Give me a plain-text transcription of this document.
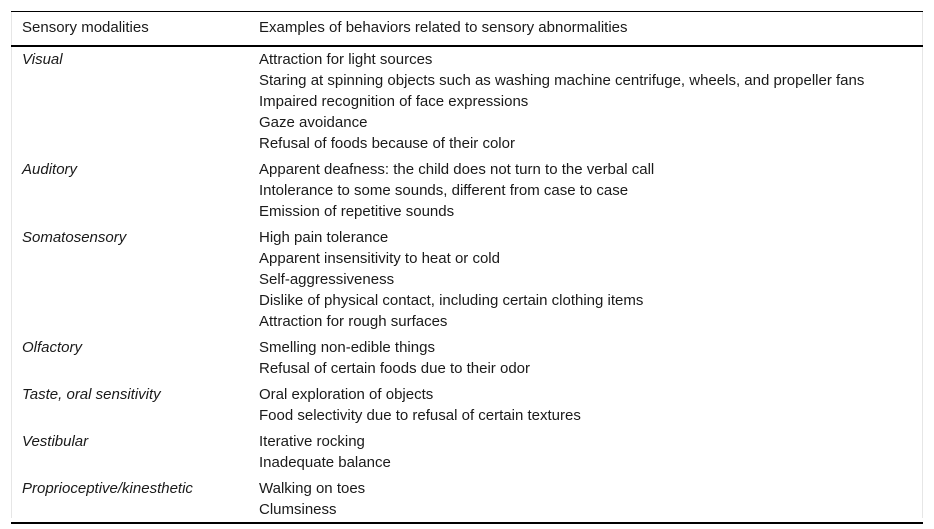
Sensory modalities	Examples of behaviors related to sensory abnormalities
Visual	Attraction for light sources
Staring at spinning objects such as washing machine centrifuge, wheels, and propeller fans
Impaired recognition of face expressions
Gaze avoidance
Refusal of foods because of their color

Auditory	Apparent deafness: the child does not turn to the verbal call
Intolerance to some sounds, different from case to case
Emission of repetitive sounds

Somatosensory	High pain tolerance
Apparent insensitivity to heat or cold
Self-aggressiveness
Dislike of physical contact, including certain clothing items
Attraction for rough surfaces

Olfactory	Smelling non-edible things
Refusal of certain foods due to their odor

Taste, oral sensitivity	Oral exploration of objects
Food selectivity due to refusal of certain textures

Vestibular	Iterative rocking
Inadequate balance

Proprioceptive/kinesthetic	Walking on toes
Clumsiness
